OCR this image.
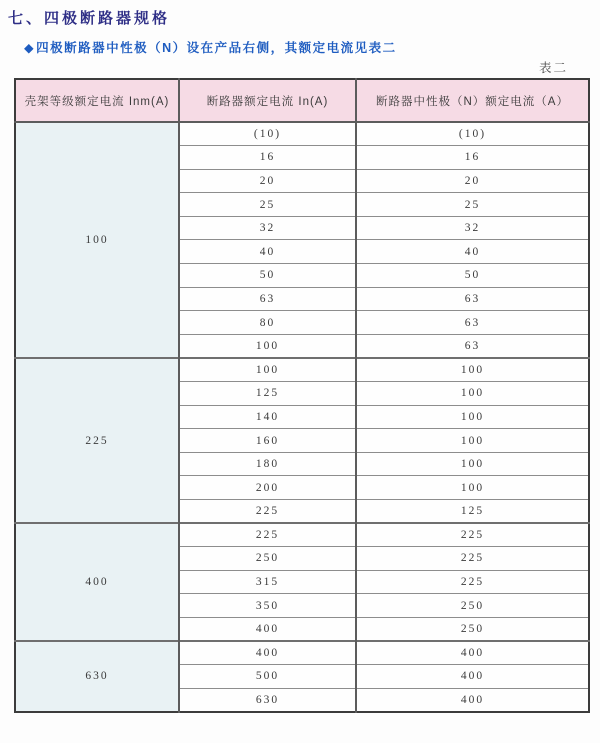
七、四极断路器规格
◆四极断路器中性极（N）设在产品右侧，其额定电流见表二
表二
壳架等级额定电流 Inm(A)	断路器额定电流 In(A)	断路器中性极（N）额定电流（A）
100	(10)	(10)
	16	16
	20	20
	25	25
	32	32
	40	40
	50	50
	63	63
	80	63
	100	63
225	100	100
	125	100
	140	100
	160	100
	180	100
	200	100
	225	125
400	225	225
	250	225
	315	225
	350	250
	400	250
630	400	400
	500	400
	630	400
